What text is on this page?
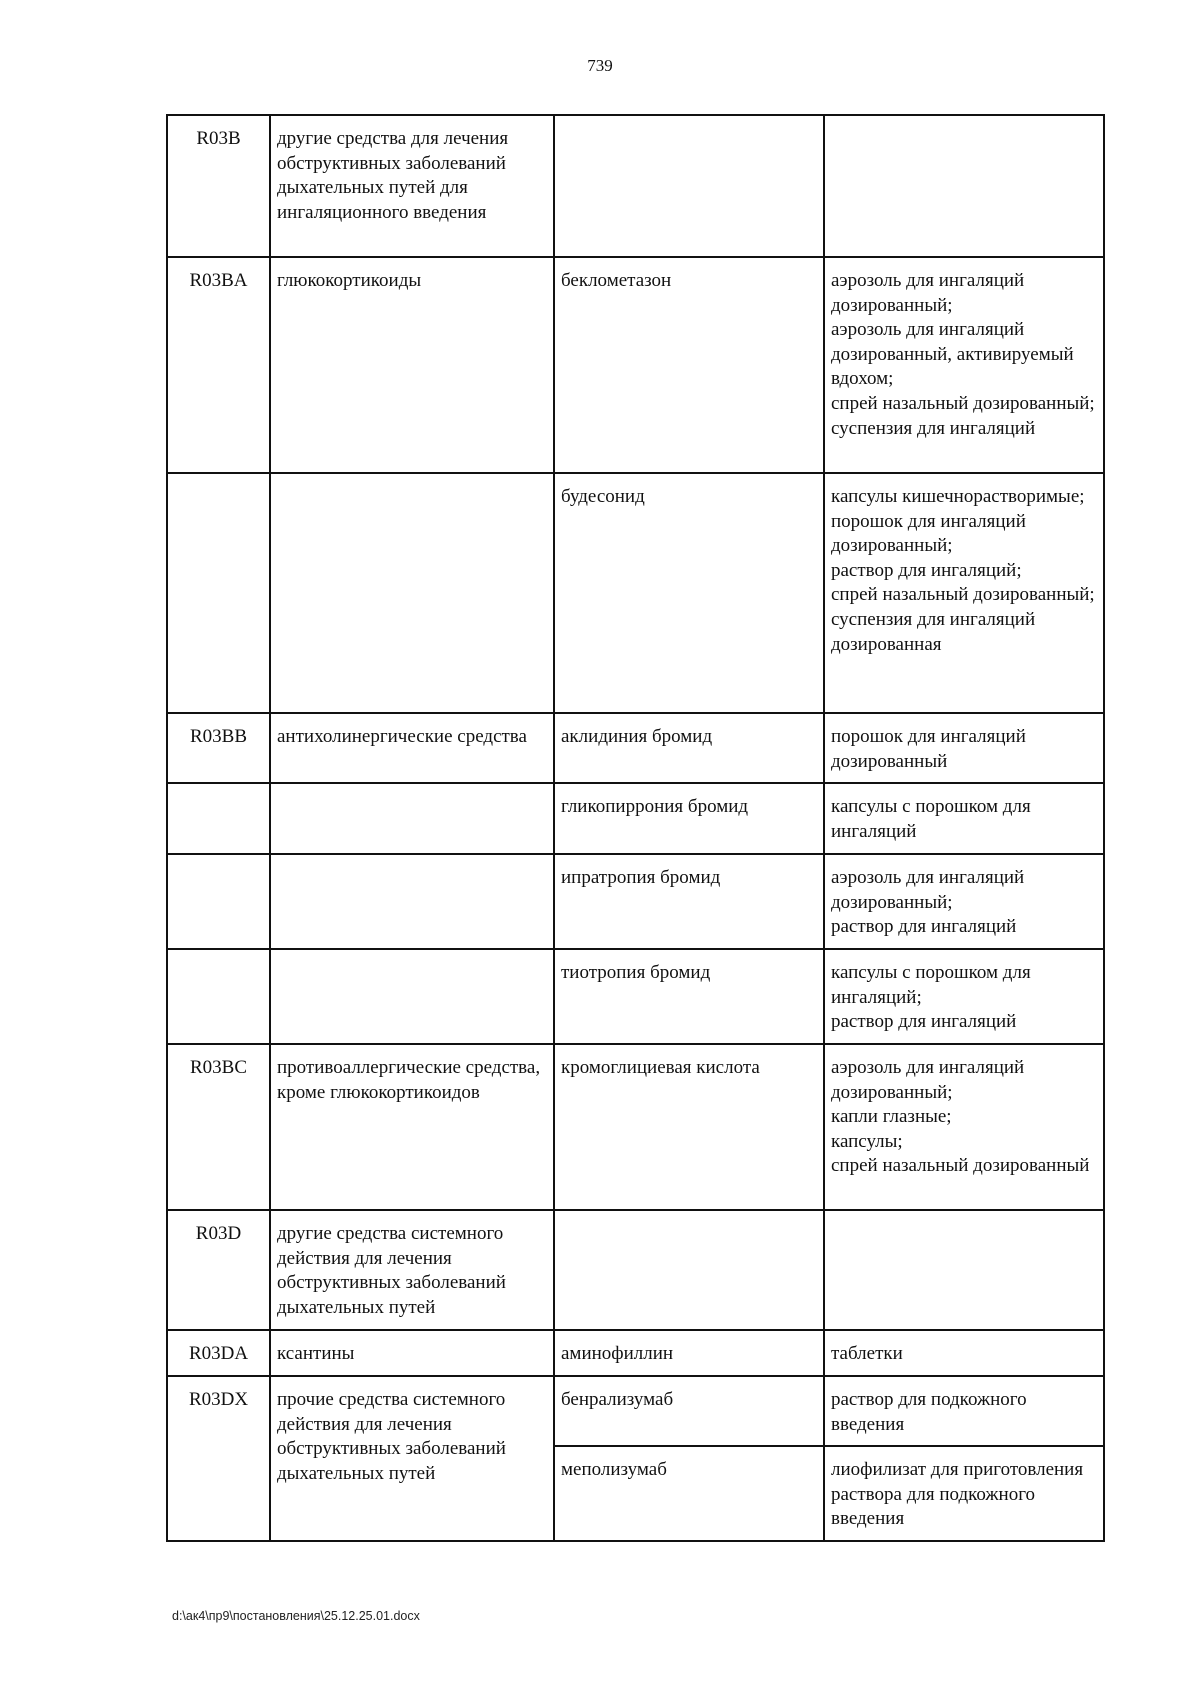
739
R03B	другие средства для лечения обструктивных заболеваний дыхательных путей для ингаляционного введения		
R03BA	глюкокортикоиды	беклометазон	аэрозоль для ингаляций дозированный;
аэрозоль для ингаляций дозированный, активируемый вдохом;
спрей назальный дозированный;
суспензия для ингаляций
		будесонид	капсулы кишечнорастворимые;
порошок для ингаляций дозированный;
раствор для ингаляций;
спрей назальный дозированный;
суспензия для ингаляций дозированная
R03BB	антихолинергические средства	аклидиния бромид	порошок для ингаляций дозированный
		гликопиррония бромид	капсулы с порошком для ингаляций
		ипратропия бромид	аэрозоль для ингаляций дозированный;
раствор для ингаляций
		тиотропия бромид	капсулы с порошком для ингаляций;
раствор для ингаляций
R03BC	противоаллергические средства, кроме глюкокортикоидов	кромоглициевая кислота	аэрозоль для ингаляций дозированный;
капли глазные;
капсулы;
спрей назальный дозированный
R03D	другие средства системного действия для лечения обструктивных заболеваний дыхательных путей		
R03DA	ксантины	аминофиллин	таблетки
R03DX	прочие средства системного действия для лечения обструктивных заболеваний дыхательных путей	бенрализумаб	раствор для подкожного введения
		меполизумаб	лиофилизат для приготовления раствора для подкожного введения
d:\ак4\пр9\постановления\25.12.25.01.docx
